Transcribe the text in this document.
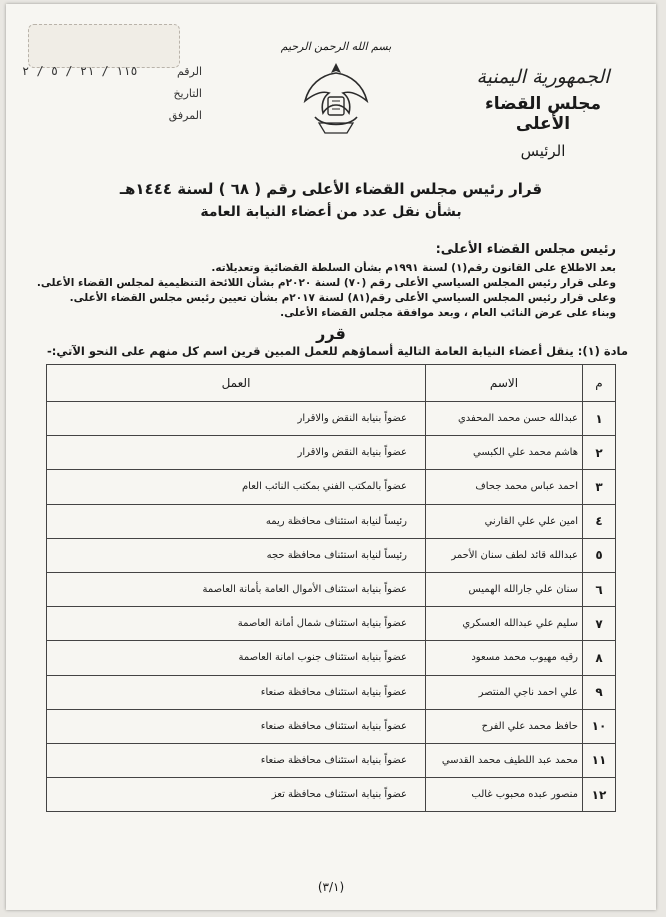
الرقم
١١٥ / ٢١ / ٥ / ٢
التاريخ
المرفق
بسم الله الرحمن الرحيم
الجمهورية اليمنية
مجلس القضاء الأعلى
الرئيس
قرار رئيس مجلس القضاء الأعلى رقم ( ٦٨ ) لسنة ١٤٤٤هـ
بشأن نقل عدد من أعضاء النيابة العامة
رئيس مجلس القضاء الأعلى:
بعد الاطلاع على القانون رقم(١) لسنة ١٩٩١م بشأن السلطة القضائية وتعديلاته.
وعلى قرار رئيس المجلس السياسي الأعلى رقم (٧٠) لسنة ٢٠٢٠م بشأن اللائحة التنظيمية لمجلس القضاء الأعلى.
وعلى قرار رئيس المجلس السياسي الأعلى رقم(٨١) لسنة ٢٠١٧م بشأن تعيين رئيس مجلس القضاء الأعلى.
وبناء على عرض النائب العام ، وبعد موافقة مجلس القضاء الأعلى.
قرر
مادة (١): ينقل أعضاء النيابة العامة التالية أسماؤهم للعمل المبين قرين اسم كل منهم على النحو الآتي:-
م	الاسم	العمل
١	عبدالله حسن محمد المحفدي	عضواً بنيابة النقض والاقرار
٢	هاشم محمد علي الكبسي	عضواً بنيابة النقض والاقرار
٣	احمد عباس محمد جحاف	عضواً بالمكتب الفني بمكتب النائب العام
٤	امين علي علي القارني	رئيساً لنيابة استئناف محافظة ريمه
٥	عبدالله قائد لطف سنان الأحمر	رئيساً لنيابة استئناف محافظة حجه
٦	سنان علي جارالله الهميس	عضواً بنيابة استئناف الأموال العامة بأمانة العاصمة
٧	سليم علي عبدالله العسكري	عضواً بنيابة استئناف شمال أمانة العاصمة
٨	رقيه مهيوب محمد مسعود	عضواً بنيابة استئناف جنوب امانة العاصمة
٩	علي احمد ناجي المنتصر	عضواً بنيابة استئناف محافظة صنعاء
١٠	حافظ محمد علي الفرح	عضواً بنيابة استئناف محافظة صنعاء
١١	محمد عبد اللطيف محمد القدسي	عضواً بنيابة استئناف محافظة صنعاء
١٢	منصور عبده محبوب غالب	عضواً بنيابة استئناف محافظة تعز
(٣/١)
